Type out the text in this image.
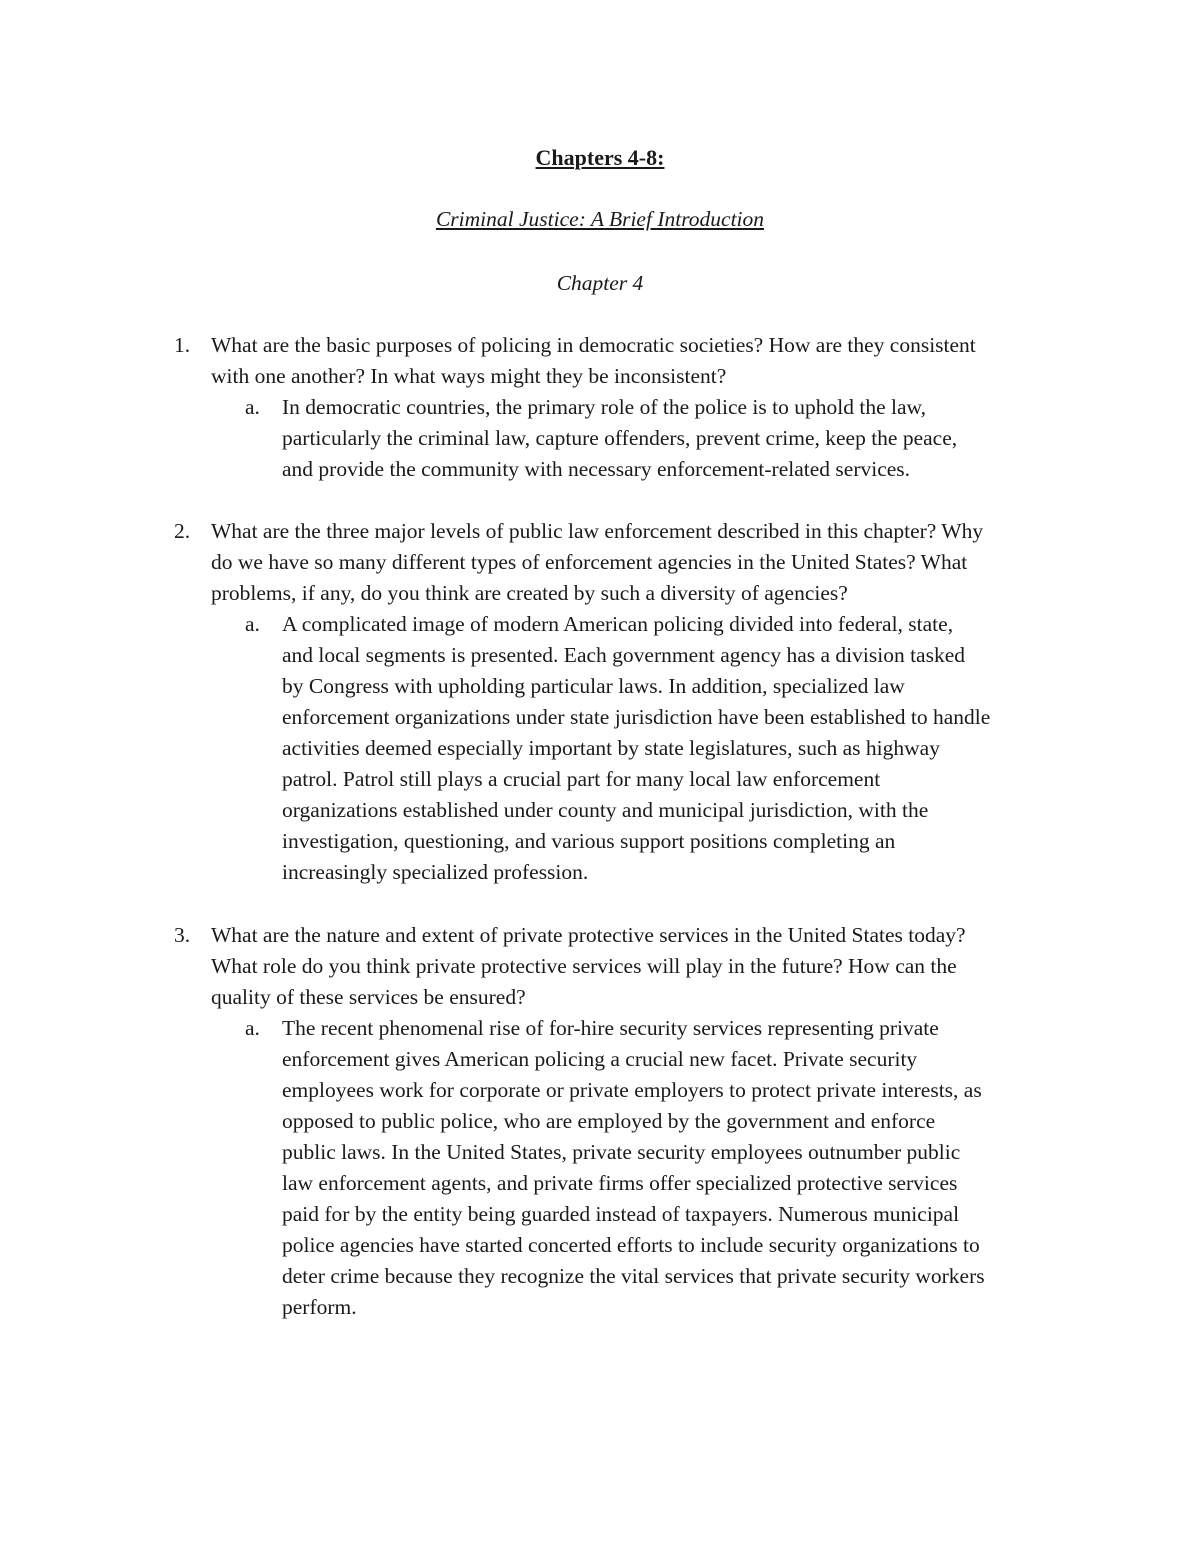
Chapters 4-8:
Criminal Justice: A Brief Introduction
Chapter 4
1. What are the basic purposes of policing in democratic societies? How are they consistent
with one another? In what ways might they be inconsistent?
a. In democratic countries, the primary role of the police is to uphold the law,
particularly the criminal law, capture offenders, prevent crime, keep the peace,
and provide the community with necessary enforcement-related services.
2. What are the three major levels of public law enforcement described in this chapter? Why
do we have so many different types of enforcement agencies in the United States? What
problems, if any, do you think are created by such a diversity of agencies?
a. A complicated image of modern American policing divided into federal, state,
and local segments is presented. Each government agency has a division tasked
by Congress with upholding particular laws. In addition, specialized law
enforcement organizations under state jurisdiction have been established to handle
activities deemed especially important by state legislatures, such as highway
patrol. Patrol still plays a crucial part for many local law enforcement
organizations established under county and municipal jurisdiction, with the
investigation, questioning, and various support positions completing an
increasingly specialized profession.
3. What are the nature and extent of private protective services in the United States today?
What role do you think private protective services will play in the future? How can the
quality of these services be ensured?
a. The recent phenomenal rise of for-hire security services representing private
enforcement gives American policing a crucial new facet. Private security
employees work for corporate or private employers to protect private interests, as
opposed to public police, who are employed by the government and enforce
public laws. In the United States, private security employees outnumber public
law enforcement agents, and private firms offer specialized protective services
paid for by the entity being guarded instead of taxpayers. Numerous municipal
police agencies have started concerted efforts to include security organizations to
deter crime because they recognize the vital services that private security workers
perform.
